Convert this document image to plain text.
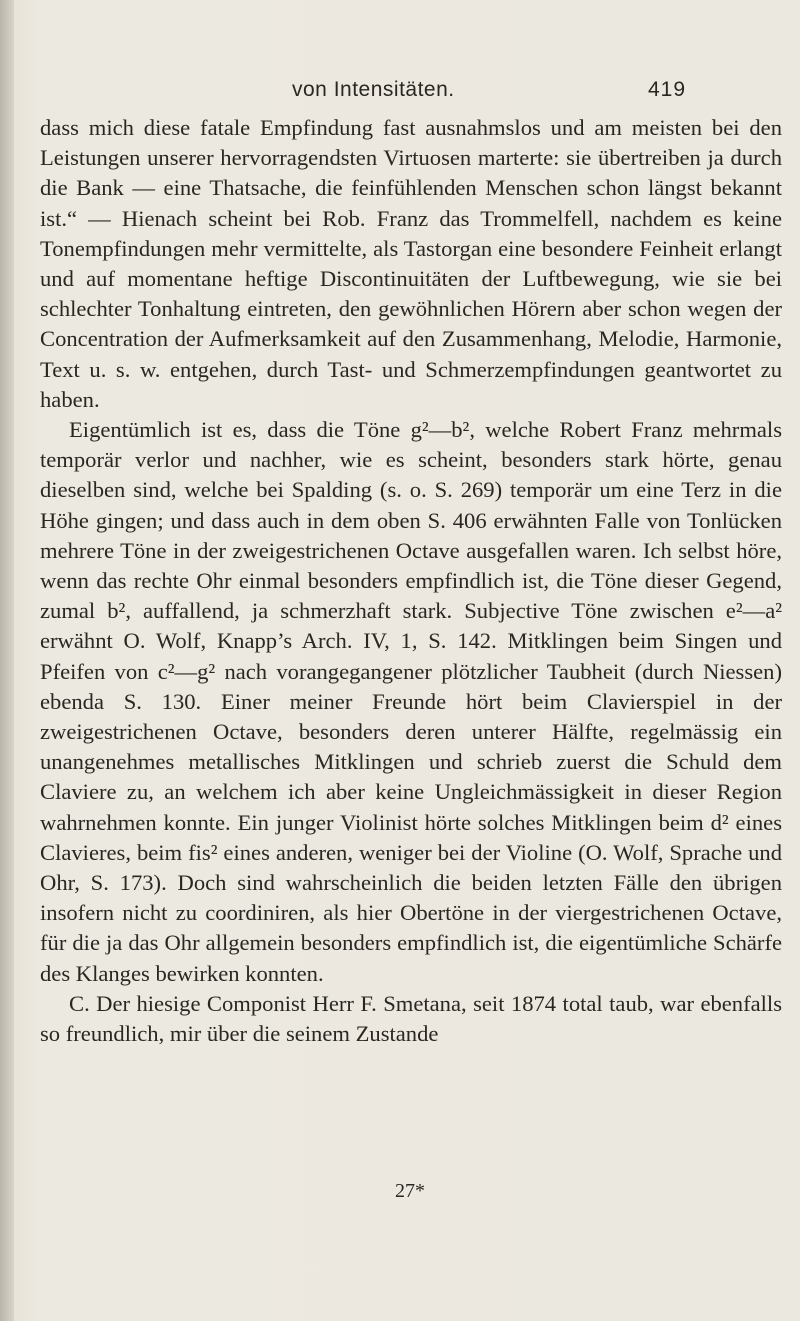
von Intensitäten.	419

dass mich diese fatale Empfindung fast ausnahmslos und am meisten bei den Leistungen unserer hervorragendsten Virtuosen marterte: sie übertreiben ja durch die Bank — eine Thatsache, die feinfühlenden Menschen schon längst bekannt ist.“ — Hienach scheint bei Rob. Franz das Trommelfell, nachdem es keine Tonempfindungen mehr vermittelte, als Tastorgan eine besondere Feinheit erlangt und auf momentane heftige Discontinuitäten der Luftbewegung, wie sie bei schlechter Tonhaltung eintreten, den gewöhnlichen Hörern aber schon wegen der Concentration der Aufmerksamkeit auf den Zusammenhang, Melodie, Harmonie, Text u. s. w. entgehen, durch Tast- und Schmerzempfindungen geantwortet zu haben.

Eigentümlich ist es, dass die Töne g²—b², welche Robert Franz mehrmals temporär verlor und nachher, wie es scheint, besonders stark hörte, genau dieselben sind, welche bei Spalding (s. o. S. 269) temporär um eine Terz in die Höhe gingen; und dass auch in dem oben S. 406 erwähnten Falle von Tonlücken mehrere Töne in der zweigestrichenen Octave ausgefallen waren. Ich selbst höre, wenn das rechte Ohr einmal besonders empfindlich ist, die Töne dieser Gegend, zumal b², auffallend, ja schmerzhaft stark. Subjective Töne zwischen e²—a² erwähnt O. Wolf, Knapp’s Arch. IV, 1, S. 142. Mitklingen beim Singen und Pfeifen von c²—g² nach vorangegangener plötzlicher Taubheit (durch Niessen) ebenda S. 130. Einer meiner Freunde hört beim Clavierspiel in der zweigestrichenen Octave, besonders deren unterer Hälfte, regelmässig ein unangenehmes metallisches Mitklingen und schrieb zuerst die Schuld dem Claviere zu, an welchem ich aber keine Ungleichmässigkeit in dieser Region wahrnehmen konnte. Ein junger Violinist hörte solches Mitklingen beim d² eines Clavieres, beim fis² eines anderen, weniger bei der Violine (O. Wolf, Sprache und Ohr, S. 173). Doch sind wahrscheinlich die beiden letzten Fälle den übrigen insofern nicht zu coordiniren, als hier Obertöne in der viergestrichenen Octave, für die ja das Ohr allgemein besonders empfindlich ist, die eigentümliche Schärfe des Klanges bewirken konnten.

C. Der hiesige Componist Herr F. Smetana, seit 1874 total taub, war ebenfalls so freundlich, mir über die seinem Zustande

27*
